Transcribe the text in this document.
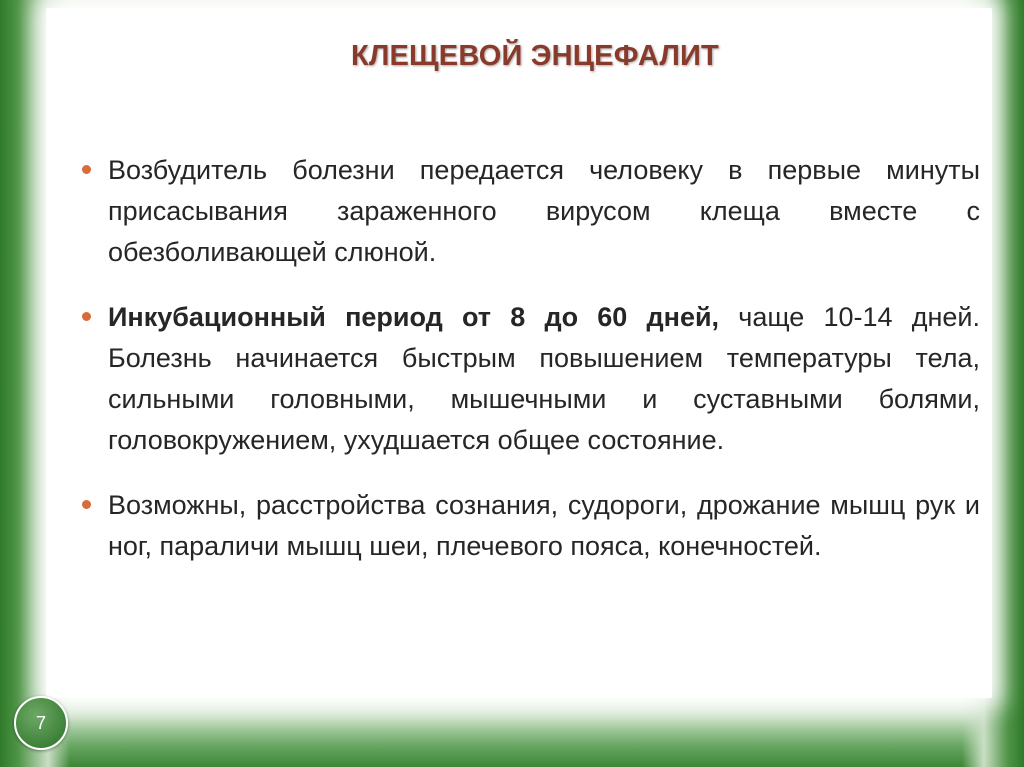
КЛЕЩЕВОЙ ЭНЦЕФАЛИТ
Возбудитель болезни передается человеку в первые минуты присасывания зараженного вирусом клеща вместе с обезболивающей слюной.
Инкубационный период от 8 до 60 дней, чаще 10-14 дней. Болезнь начинается быстрым повышением температуры тела, сильными головными, мышечными и суставными болями, головокружением, ухудшается общее состояние.
Возможны, расстройства сознания, судороги, дрожание мышц рук и ног, параличи мышц шеи, плечевого пояса, конечностей.
7
